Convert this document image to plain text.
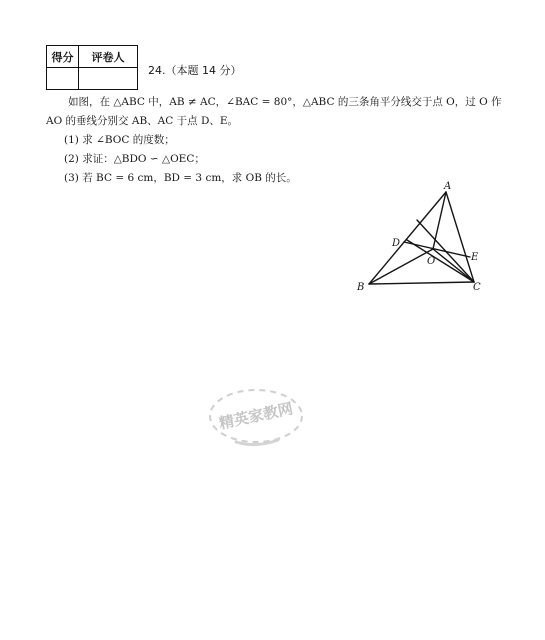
得分	评卷人

24.（本题 14 分）

如图，在 △ABC 中，AB ≠ AC，∠BAC = 80°，△ABC 的三条角平分线交于点 O，过 O 作

AO 的垂线分别交 AB、AC 于点 D、E。

(1) 求 ∠BOC 的度数；

(2) 求证：△BDO ∽ △OEC；

(3) 若 BC = 6 cm，BD = 3 cm，求 OB 的长。

A
B	C
D
E
O
精英家教网
